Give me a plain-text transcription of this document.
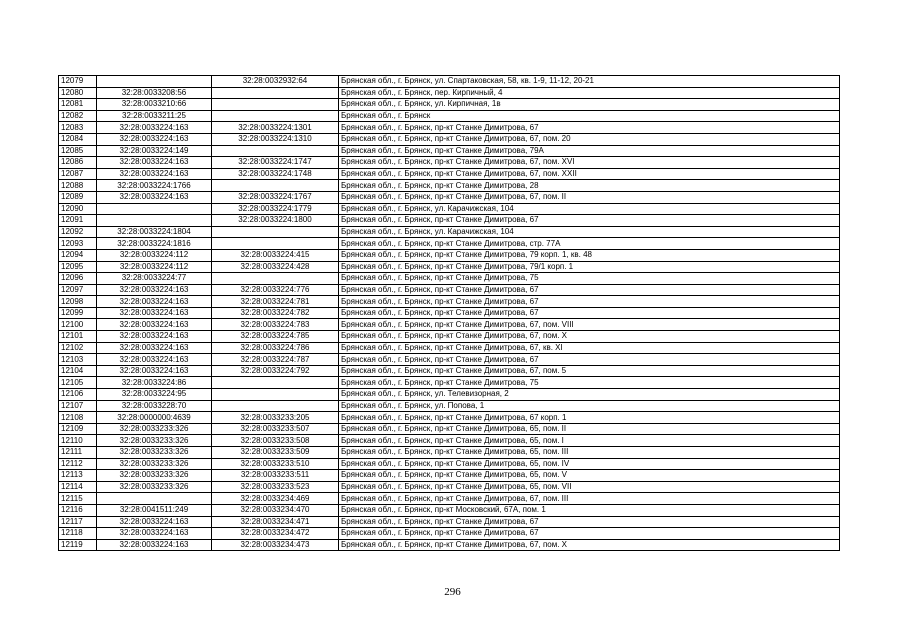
12079		32:28:0032932:64	Брянская обл., г. Брянск, ул. Спартаковская, 58, кв. 1-9, 11-12, 20-21
12080	32:28:0033208:56		Брянская обл., г. Брянск, пер. Кирпичный, 4
12081	32:28:0033210:66		Брянская обл., г. Брянск, ул. Кирпичная, 1в
12082	32:28:0033211:25		Брянская обл., г. Брянск
12083	32:28:0033224:163	32:28:0033224:1301	Брянская обл., г. Брянск, пр-кт Станке Димитрова, 67
12084	32:28:0033224:163	32:28:0033224:1310	Брянская обл., г. Брянск, пр-кт Станке Димитрова, 67, пом. 20
12085	32:28:0033224:149		Брянская обл., г. Брянск, пр-кт Станке Димитрова, 79А
12086	32:28:0033224:163	32:28:0033224:1747	Брянская обл., г. Брянск, пр-кт Станке Димитрова, 67, пом. XVI
12087	32:28:0033224:163	32:28:0033224:1748	Брянская обл., г. Брянск, пр-кт Станке Димитрова, 67, пом. XXII
12088	32:28:0033224:1766		Брянская обл., г. Брянск, пр-кт Станке Димитрова, 28
12089	32:28:0033224:163	32:28:0033224:1767	Брянская обл., г. Брянск, пр-кт Станке Димитрова, 67, пом. II
12090		32:28:0033224:1779	Брянская обл., г. Брянск, ул. Карачижская, 104
12091		32:28:0033224:1800	Брянская обл., г. Брянск, пр-кт Станке Димитрова, 67
12092	32:28:0033224:1804		Брянская обл., г. Брянск, ул. Карачижская, 104
12093	32:28:0033224:1816		Брянская обл., г. Брянск, пр-кт Станке Димитрова, стр. 77А
12094	32:28:0033224:112	32:28:0033224:415	Брянская обл., г. Брянск, пр-кт Станке Димитрова, 79 корп. 1, кв. 48
12095	32:28:0033224:112	32:28:0033224:428	Брянская обл., г. Брянск, пр-кт Станке Димитрова, 79/1 корп. 1
12096	32:28:0033224:77		Брянская обл., г. Брянск, пр-кт Станке Димитрова, 75
12097	32:28:0033224:163	32:28:0033224:776	Брянская обл., г. Брянск, пр-кт Станке Димитрова, 67
12098	32:28:0033224:163	32:28:0033224:781	Брянская обл., г. Брянск, пр-кт Станке Димитрова, 67
12099	32:28:0033224:163	32:28:0033224:782	Брянская обл., г. Брянск, пр-кт Станке Димитрова, 67
12100	32:28:0033224:163	32:28:0033224:783	Брянская обл., г. Брянск, пр-кт Станке Димитрова, 67, пом. VIII
12101	32:28:0033224:163	32:28:0033224:785	Брянская обл., г. Брянск, пр-кт Станке Димитрова, 67, пом. X
12102	32:28:0033224:163	32:28:0033224:786	Брянская обл., г. Брянск, пр-кт Станке Димитрова, 67, кв. XI
12103	32:28:0033224:163	32:28:0033224:787	Брянская обл., г. Брянск, пр-кт Станке Димитрова, 67
12104	32:28:0033224:163	32:28:0033224:792	Брянская обл., г. Брянск, пр-кт Станке Димитрова, 67, пом. 5
12105	32:28:0033224:86		Брянская обл., г. Брянск, пр-кт Станке Димитрова, 75
12106	32:28:0033224:95		Брянская обл., г. Брянск, ул. Телевизорная, 2
12107	32:28:0033228:70		Брянская обл., г. Брянск, ул. Попова, 1
12108	32:28:0000000:4639	32:28:0033233:205	Брянская обл., г. Брянск, пр-кт Станке Димитрова, 67 корп. 1
12109	32:28:0033233:326	32:28:0033233:507	Брянская обл., г. Брянск, пр-кт Станке Димитрова, 65, пом. II
12110	32:28:0033233:326	32:28:0033233:508	Брянская обл., г. Брянск, пр-кт Станке Димитрова, 65, пом. I
12111	32:28:0033233:326	32:28:0033233:509	Брянская обл., г. Брянск, пр-кт Станке Димитрова, 65, пом. III
12112	32:28:0033233:326	32:28:0033233:510	Брянская обл., г. Брянск, пр-кт Станке Димитрова, 65, пом. IV
12113	32:28:0033233:326	32:28:0033233:511	Брянская обл., г. Брянск, пр-кт Станке Димитрова, 65, пом. V
12114	32:28:0033233:326	32:28:0033233:523	Брянская обл., г. Брянск, пр-кт Станке Димитрова, 65, пом. VII
12115		32:28:0033234:469	Брянская обл., г. Брянск, пр-кт Станке Димитрова, 67, пом. III
12116	32:28:0041511:249	32:28:0033234:470	Брянская обл., г. Брянск, пр-кт Московский, 67А, пом. 1
12117	32:28:0033224:163	32:28:0033234:471	Брянская обл., г. Брянск, пр-кт Станке Димитрова, 67
12118	32:28:0033224:163	32:28:0033234:472	Брянская обл., г. Брянск, пр-кт Станке Димитрова, 67
12119	32:28:0033224:163	32:28:0033234:473	Брянская обл., г. Брянск, пр-кт Станке Димитрова, 67, пом. X
296
